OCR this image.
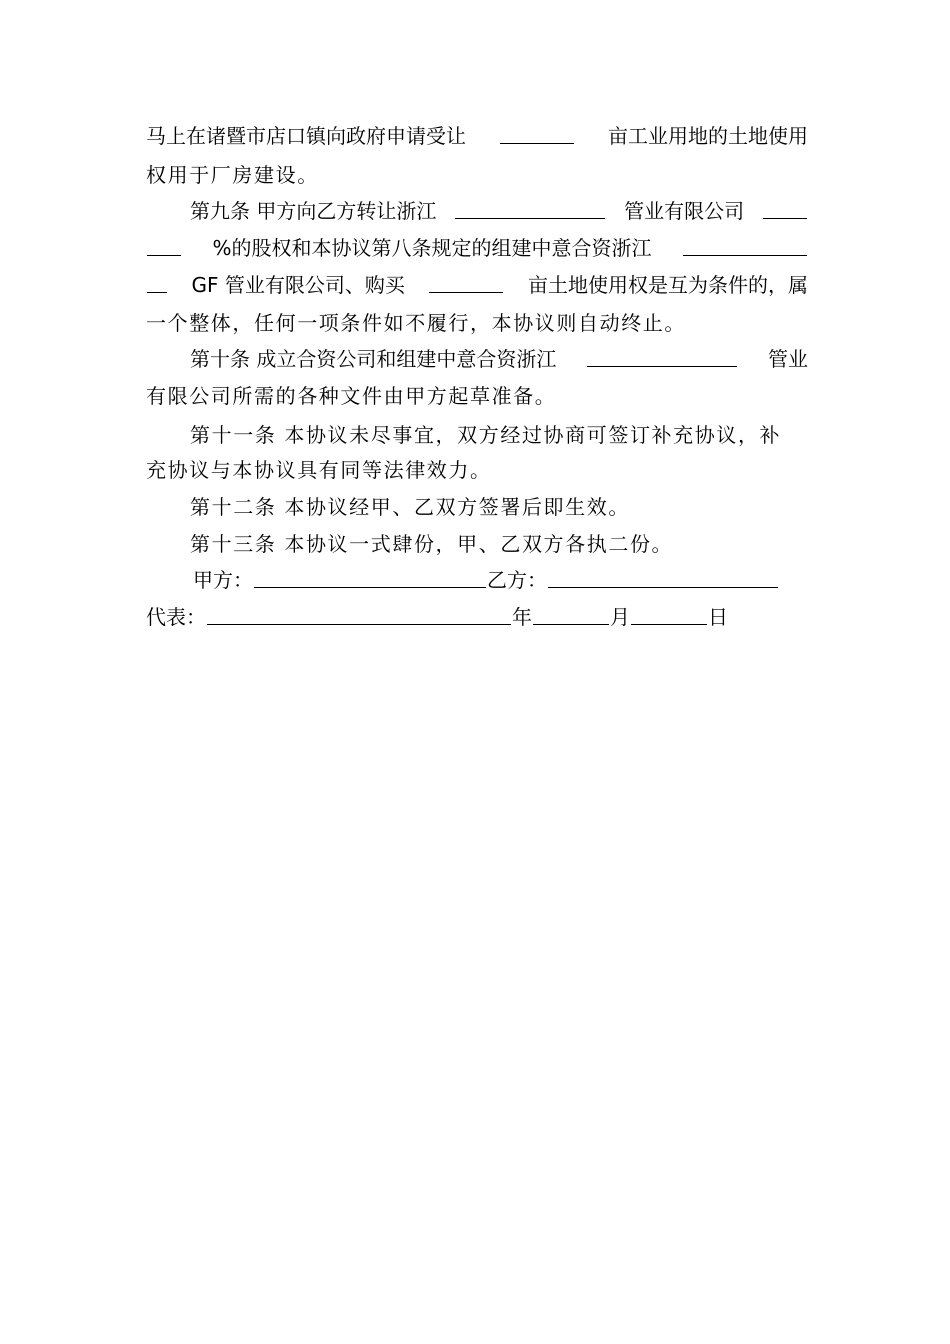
马上在诸暨市店口镇向政府申请受让	亩工业用地的土地使用
权用于厂房建设。
第九条 甲方向乙方转让浙江	管业有限公司
%的股权和本协议第八条规定的组建中意合资浙江
GF 管业有限公司、购买	亩土地使用权是互为条件的，属
一个整体，任何一项条件如不履行，本协议则自动终止。
第十条 成立合资公司和组建中意合资浙江	管业
有限公司所需的各种文件由甲方起草准备。
第十一条 本协议未尽事宜，双方经过协商可签订补充协议，补
充协议与本协议具有同等法律效力。
第十二条 本协议经甲、乙双方签署后即生效。
第十三条 本协议一式肆份，甲、乙双方各执二份。
甲方：	乙方：
代表：	年	月	日
